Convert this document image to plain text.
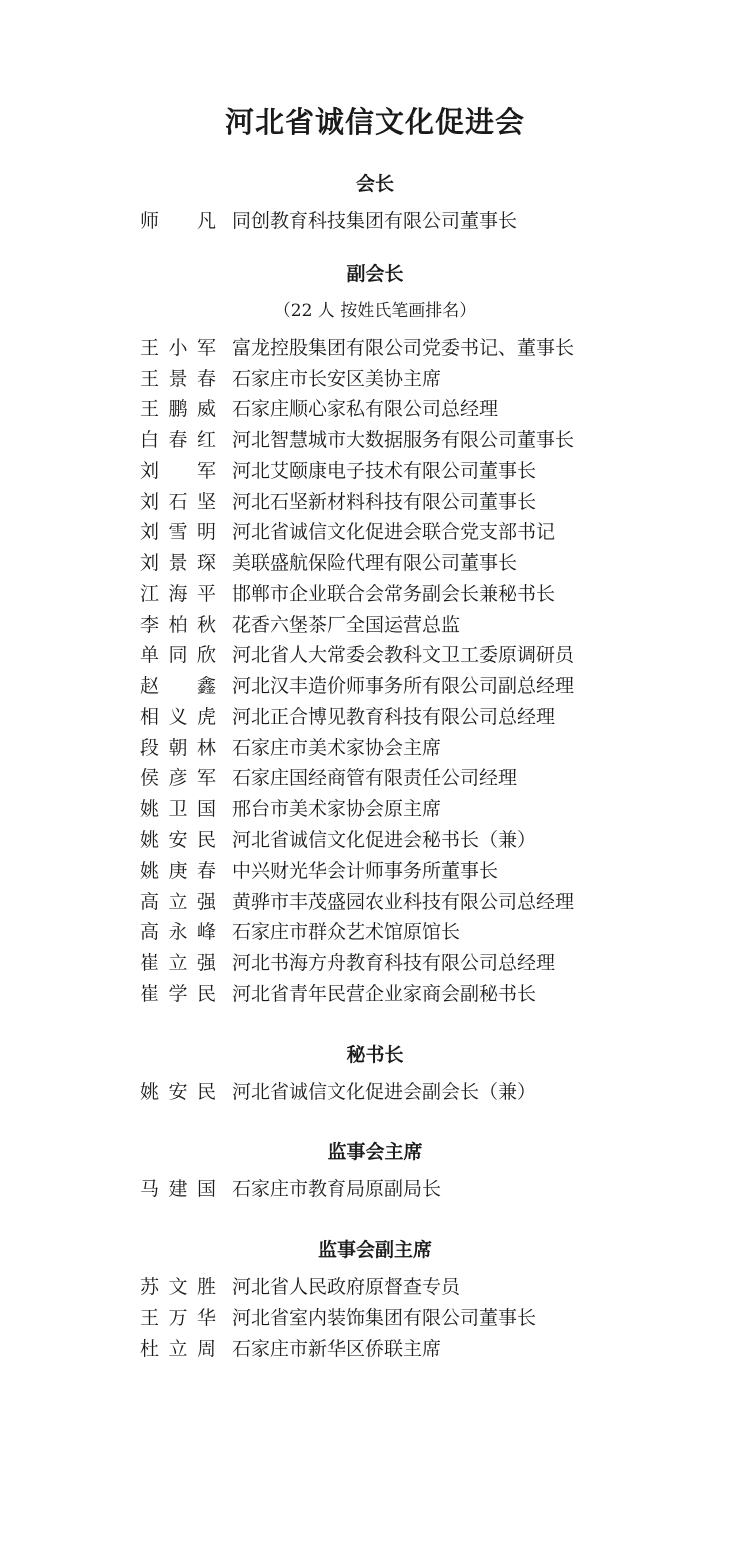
河北省诚信文化促进会
会长
师　凡 同创教育科技集团有限公司董事长
副会长
（22 人 按姓氏笔画排名）
王小军 富龙控股集团有限公司党委书记、董事长
王景春 石家庄市长安区美协主席
王鹏威 石家庄顺心家私有限公司总经理
白春红 河北智慧城市大数据服务有限公司董事长
刘　军 河北艾颐康电子技术有限公司董事长
刘石坚 河北石坚新材料科技有限公司董事长
刘雪明 河北省诚信文化促进会联合党支部书记
刘景琛 美联盛航保险代理有限公司董事长
江海平 邯郸市企业联合会常务副会长兼秘书长
李柏秋 花香六堡茶厂全国运营总监
单同欣 河北省人大常委会教科文卫工委原调研员
赵　鑫 河北汉丰造价师事务所有限公司副总经理
相义虎 河北正合博见教育科技有限公司总经理
段朝林 石家庄市美术家协会主席
侯彦军 石家庄国经商管有限责任公司经理
姚卫国 邢台市美术家协会原主席
姚安民 河北省诚信文化促进会秘书长（兼）
姚庚春 中兴财光华会计师事务所董事长
高立强 黄骅市丰茂盛园农业科技有限公司总经理
高永峰 石家庄市群众艺术馆原馆长
崔立强 河北书海方舟教育科技有限公司总经理
崔学民 河北省青年民营企业家商会副秘书长
秘书长
姚安民 河北省诚信文化促进会副会长（兼）
监事会主席
马建国 石家庄市教育局原副局长
监事会副主席
苏文胜 河北省人民政府原督查专员
王万华 河北省室内装饰集团有限公司董事长
杜立周 石家庄市新华区侨联主席
